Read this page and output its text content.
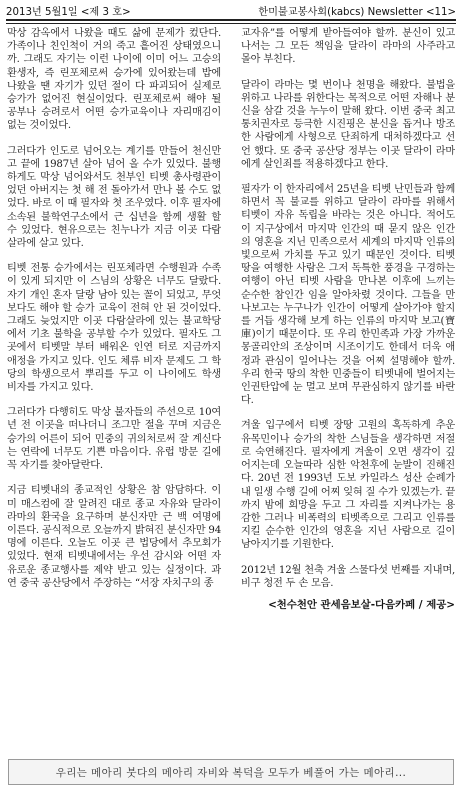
2013년 5월1일 <제 3 호>	한미불교봉사회(kabcs) Newsletter <11>

막상 감옥에서 나왔을 때도 삶에 문제가 컸단다. 가족이나 친인척이 거의 죽고 흩어진 상태였으니까. 그래도 자기는 이런 나이에 이미 어느 고승의 환생자, 즉 린포체로써 승가에 있어왔는데 밥에 나왔을 땐 자기가 있던 절이 다 파괴되어 실제로 승가가 없어진 현실이었다. 린포체로써 해야 될 공부나 승려로서 어떤 승가교육이나 자리매김이 없는 것이었다.

그러다가 인도로 넘어오는 계기를 만들어 천신만고 끝에 1987년 살아 넘어 올 수가 있었다. 불행하게도 막상 넘어와서도 천부인 티벳 총사령관이었던 아버지는 첫 해 전 돌아가서 만나 볼 수도 없었다. 바로 이 때 필자와 첫 조우였다. 이후 필자에 소속된 불학연구소에서 근 십년을 함께 생활 할 수 있었다. 현유으로는 친누나가 지금 이곳 다람살라에 살고 있다.

티벳 전통 승가에서는 린포체라면 수행원과 수족이 있게 되지만 이 스님의 상황은 너무도 달랐다. 자기 개인 혼자 달랑 남아 있는 꼴이 되었고, 무엇보다도 해야 할 승가 교육이 전혀 안 된 것이었다. 그래도 늦었지만 이곳 다람살라에 있는 불교학당에서 기초 불학을 공부할 수가 있었다. 필자도 그곳에서 티벳말 부터 배워온 인연 터로 지금까지 애정을 가지고 있다. 인도 체류 비자 문제도 그 학당의 학생으로서 뿌리를 두고 이 나이에도 학생 비자를 가지고 있다.

그러다가 다행히도 막상 불자들의 주선으로 10여 년 전 이곳을 떠나더니 조그만 절을 꾸며 지금은 승가의 어른이 되어 민중의 귀의처로써 잘 계신다는 연락에 너무도 기쁜 마음이다. 유럽 방문 길에 꼭 자기를 찾아달란다.

지금 티벳내의 종교적인 상황은 참 암담하다. 이미 매스컴에 잘 알려진 대로 종교 자유와 달라이 라마의 환국을 요구하며 분신자만 근 백 여명에 이른다. 공식적으로 오늘까지 밝혀진 분신자만 94명에 이른다. 오늘도 이곳 큰 법당에서 추모회가 있었다. 현재 티벳내에서는 우선 감시와 어떤 자유로운 종교행사를 제약 받고 있는 실정이다. 과연 중국 공산당에서 주장하는 “서장 자치구의 종

교자유”를 어떻게 받아들여야 할까. 분신이 있고나서는 그 모든 책임을 달라이 라마의 사주라고 몰아 부친다.

달라이 라마는 몇 번이나 천명을 해왔다. 불법을 위하고 나라를 위한다는 목적으로 어떤 자해나 분신을 삼갈 것을 누누이 말해 왔다. 이번 중국 최고 통치권자로 등극한 시진핑은 분신을 돕거나 방조한 사람에게 사형으로 단죄하게 대처하겠다고 선언 했다. 또 중국 공산당 정부는 이곳 달라이 라마에게 살인죄를 적용하겠다고 한다.

필자가 이 한자리에서 25년을 티벳 난민들과 함께 하면서 꼭 불교를 위하고 달라이 라마를 위해서 티벳이 자유 독립을 바라는 것은 아니다. 적어도 이 지구상에서 마지막 인간의 때 묻지 않은 인간의 영혼을 지닌 민족으로서 세계의 마지막 인류의 빛으로써 가치를 두고 있기 때문인 것이다. 티벳 땅을 여행한 사람은 그저 독특한 풍경을 구경하는 여행이 아닌 티벳 사람을 만나본 이후에 느끼는 순수한 참인간 임을 알아차렸 것이다. 그들을 만나보고는 누구나가 인간이 어떻게 살아가야 할지를 거듭 생각해 보게 하는 인류의 마지막 보고(寶庫)이기 때문이다. 또 우리 한민족과 가장 가까운 몽골리안의 조상이며 시조이기도 한데서 더욱 애정과 관심이 일어나는 것을 어찌 설명해야 할까. 우리 한국 땅의 착한 민중들이 티벳내에 벌어지는 인권탄압에 눈 멀고 보며 무관심하지 않기를 바란다.

겨울 입구에서 티벳 장땅 고원의 혹독하게 추운 유목민이나 승가의 착한 스님들을 생각하면 저절로 숙연해진다. 필자에게 겨울이 오면 생각이 깊어지는데 오늘따라 심한 악천후에 눈발이 진해진다. 20년 전 1993년 도보 카일라스 성산 순례가 내 일생 수행 길에 어찌 잊혀 질 수가 있겠는가. 끝까지 밤에 희망을 두고 그 자리를 지켜나가는 용감한 그러나 비폭력의 티벳족으로 그리고 인류를 지킬 순수한 인간의 영혼을 지닌 사람으로 길이 남아지기를 기원한다.

2012년 12월 천축 겨울 스물다섯 번째를 지내며, 비구 청전 두 손 모음.

<천수천안 관세음보살-다음카페 / 제공>
우리는 메아리 붓다의 메아리 자비와 복덕을 모두가 베풀어 가는 메아리...
